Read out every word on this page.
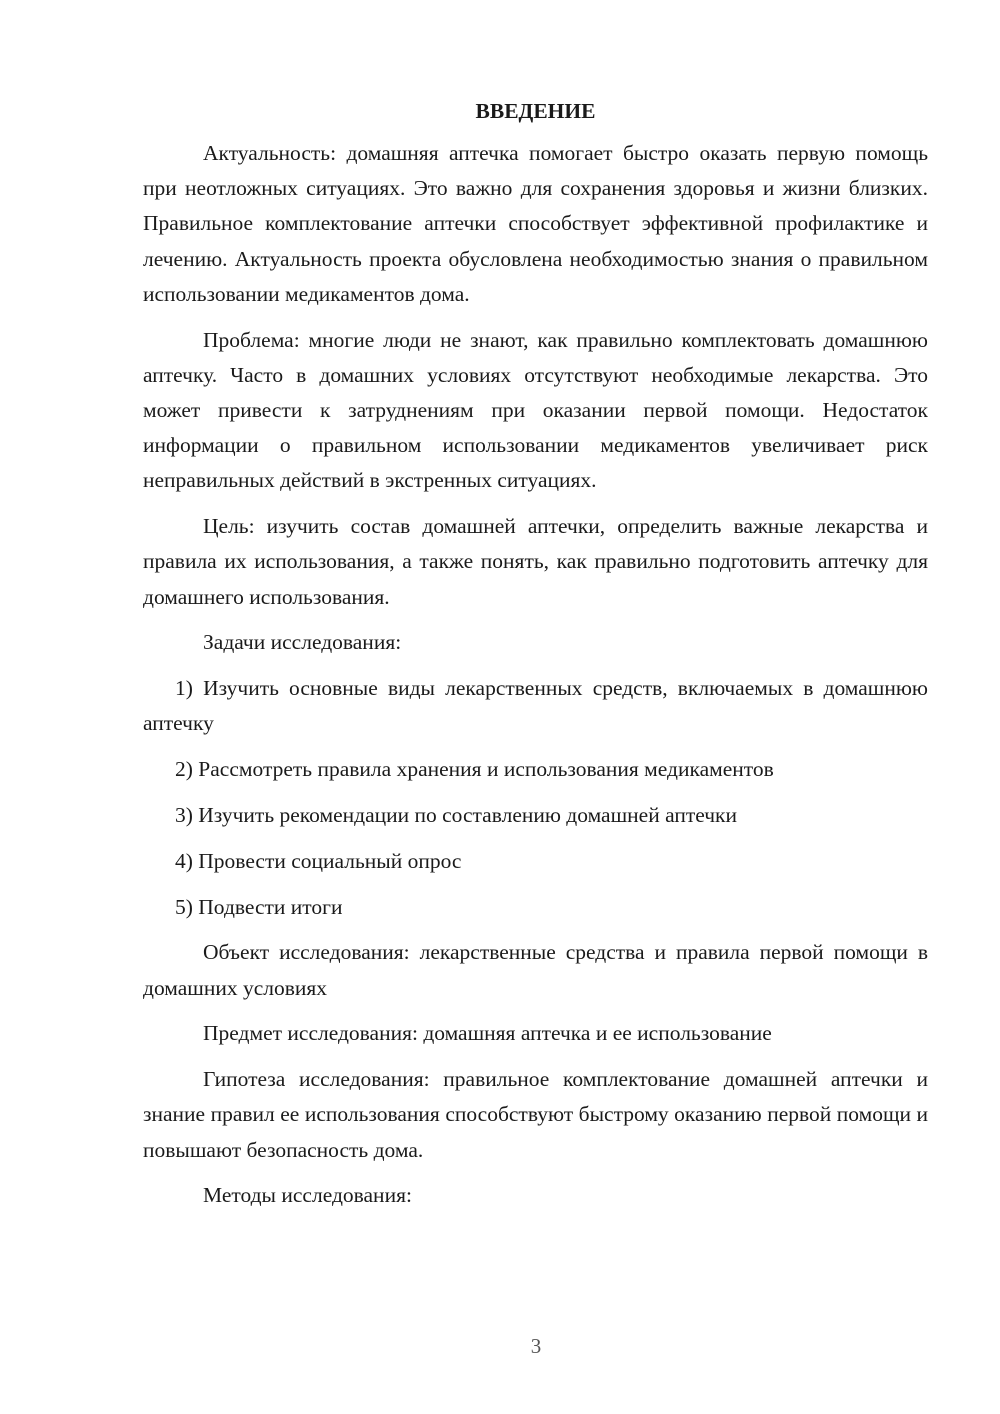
ВВЕДЕНИЕ

Актуальность: домашняя аптечка помогает быстро оказать первую помощь при неотложных ситуациях. Это важно для сохранения здоровья и жизни близких. Правильное комплектование аптечки способствует эффективной профилактике и лечению. Актуальность проекта обусловлена необходимостью знания о правильном использовании медикаментов дома.

Проблема: многие люди не знают, как правильно комплектовать домашнюю аптечку. Часто в домашних условиях отсутствуют необходимые лекарства. Это может привести к затруднениям при оказании первой помощи. Недостаток информации о правильном использовании медикаментов увеличивает риск неправильных действий в экстренных ситуациях.

Цель: изучить состав домашней аптечки, определить важные лекарства и правила их использования, а также понять, как правильно подготовить аптечку для домашнего использования.

Задачи исследования:

1) Изучить основные виды лекарственных средств, включаемых в домашнюю аптечку

2) Рассмотреть правила хранения и использования медикаментов

3) Изучить рекомендации по составлению домашней аптечки

4) Провести социальный опрос

5) Подвести итоги

Объект исследования: лекарственные средства и правила первой помощи в домашних условиях

Предмет исследования: домашняя аптечка и ее использование

Гипотеза исследования: правильное комплектование домашней аптечки и знание правил ее использования способствуют быстрому оказанию первой помощи и повышают безопасность дома.

Методы исследования:

3
